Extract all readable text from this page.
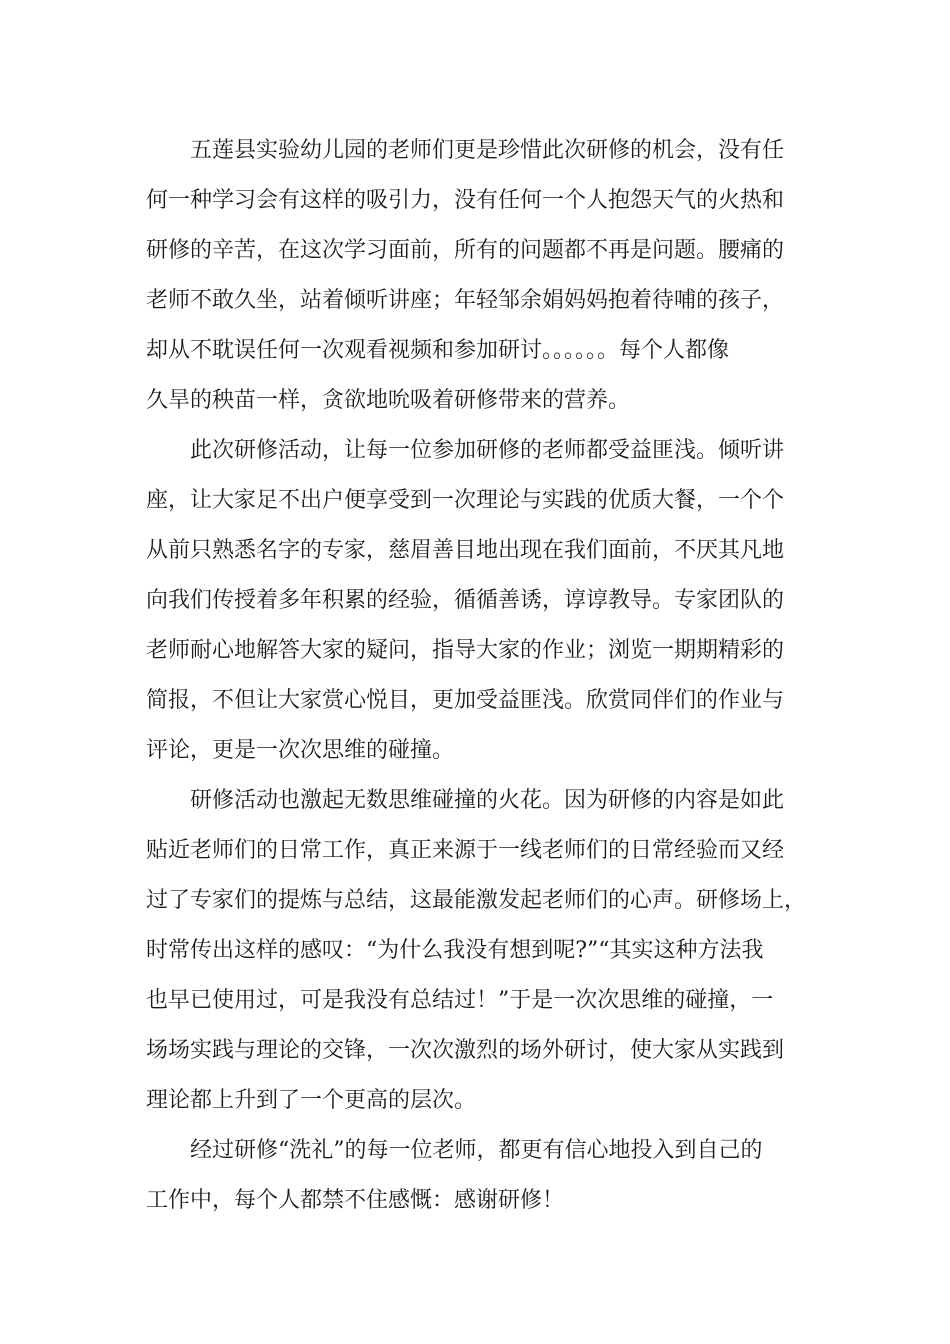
　　五莲县实验幼儿园的老师们更是珍惜此次研修的机会，没有任
何一种学习会有这样的吸引力，没有任何一个人抱怨天气的火热和
研修的辛苦，在这次学习面前，所有的问题都不再是问题。腰痛的
老师不敢久坐，站着倾听讲座；年轻邹余娟妈妈抱着待哺的孩子，
却从不耽误任何一次观看视频和参加研讨。。。。。。每个人都像
久旱的秧苗一样，贪欲地吮吸着研修带来的营养。
　　此次研修活动，让每一位参加研修的老师都受益匪浅。倾听讲
座，让大家足不出户便享受到一次理论与实践的优质大餐，一个个
从前只熟悉名字的专家，慈眉善目地出现在我们面前，不厌其凡地
向我们传授着多年积累的经验，循循善诱，谆谆教导。专家团队的
老师耐心地解答大家的疑问，指导大家的作业；浏览一期期精彩的
简报，不但让大家赏心悦目，更加受益匪浅。欣赏同伴们的作业与
评论，更是一次次思维的碰撞。
　　研修活动也激起无数思维碰撞的火花。因为研修的内容是如此
贴近老师们的日常工作，真正来源于一线老师们的日常经验而又经
过了专家们的提炼与总结，这最能激发起老师们的心声。研修场上，
时常传出这样的感叹：“为什么我没有想到呢?”“其实这种方法我
也早已使用过，可是我没有总结过！”于是一次次思维的碰撞，一
场场实践与理论的交锋，一次次激烈的场外研讨，使大家从实践到
理论都上升到了一个更高的层次。
　　经过研修“洗礼”的每一位老师，都更有信心地投入到自己的
工作中，每个人都禁不住感慨：感谢研修！
